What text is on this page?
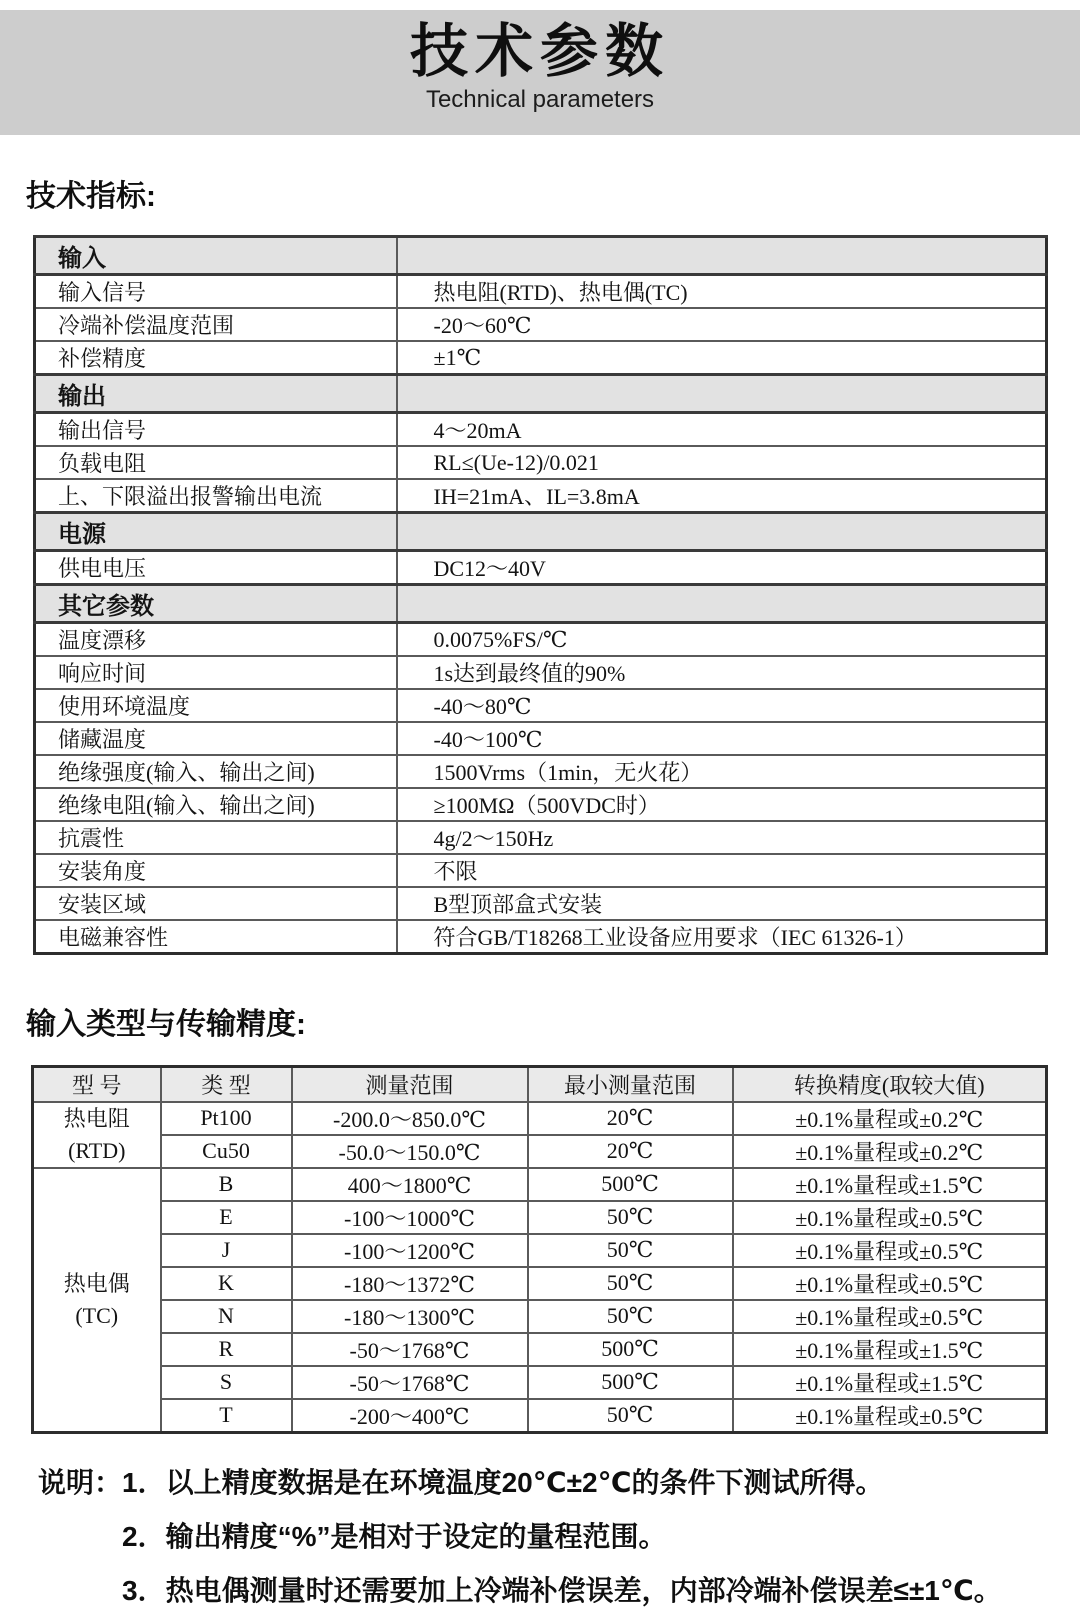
技术参数
Technical parameters
技术指标:
输入	
输入信号	热电阻(RTD)、热电偶(TC)
冷端补偿温度范围	-20～60℃
补偿精度	±1℃
输出	
输出信号	4～20mA
负载电阻	RL≤(Ue-12)/0.021
上、下限溢出报警输出电流	IH=21mA、IL=3.8mA
电源	
供电电压	DC12～40V
其它参数	
温度漂移	0.0075%FS/℃
响应时间	1s达到最终值的90%
使用环境温度	-40～80℃
储藏温度	-40～100℃
绝缘强度(输入、输出之间)	1500Vrms（1min，无火花）
绝缘电阻(输入、输出之间)	≥100MΩ（500VDC时）
抗震性	4g/2～150Hz
安装角度	不限
安装区域	B型顶部盒式安装
电磁兼容性	符合GB/T18268工业设备应用要求（IEC 61326-1）
输入类型与传输精度:
型 号	类 型	测量范围	最小测量范围	转换精度(取较大值)

热电阻
(RTD)	Pt100	-200.0～850.0℃	20℃	±0.1%量程或±0.2℃
	Cu50	-50.0～150.0℃	20℃	±0.1%量程或±0.2℃

热电偶
(TC)	B	400～1800℃	500℃	±0.1%量程或±1.5℃
	E	-100～1000℃	50℃	±0.1%量程或±0.5℃
	J	-100～1200℃	50℃	±0.1%量程或±0.5℃
	K	-180～1372℃	50℃	±0.1%量程或±0.5℃
	N	-180～1300℃	50℃	±0.1%量程或±0.5℃
	R	-50～1768℃	500℃	±0.1%量程或±1.5℃
	S	-50～1768℃	500℃	±0.1%量程或±1.5℃
	T	-200～400℃	50℃	±0.1%量程或±0.5℃
说明： 1．以上精度数据是在环境温度20℃±2℃的条件下测试所得。
2．输出精度“%”是相对于设定的量程范围。
3．热电偶测量时还需要加上冷端补偿误差，内部冷端补偿误差≤±1℃。
